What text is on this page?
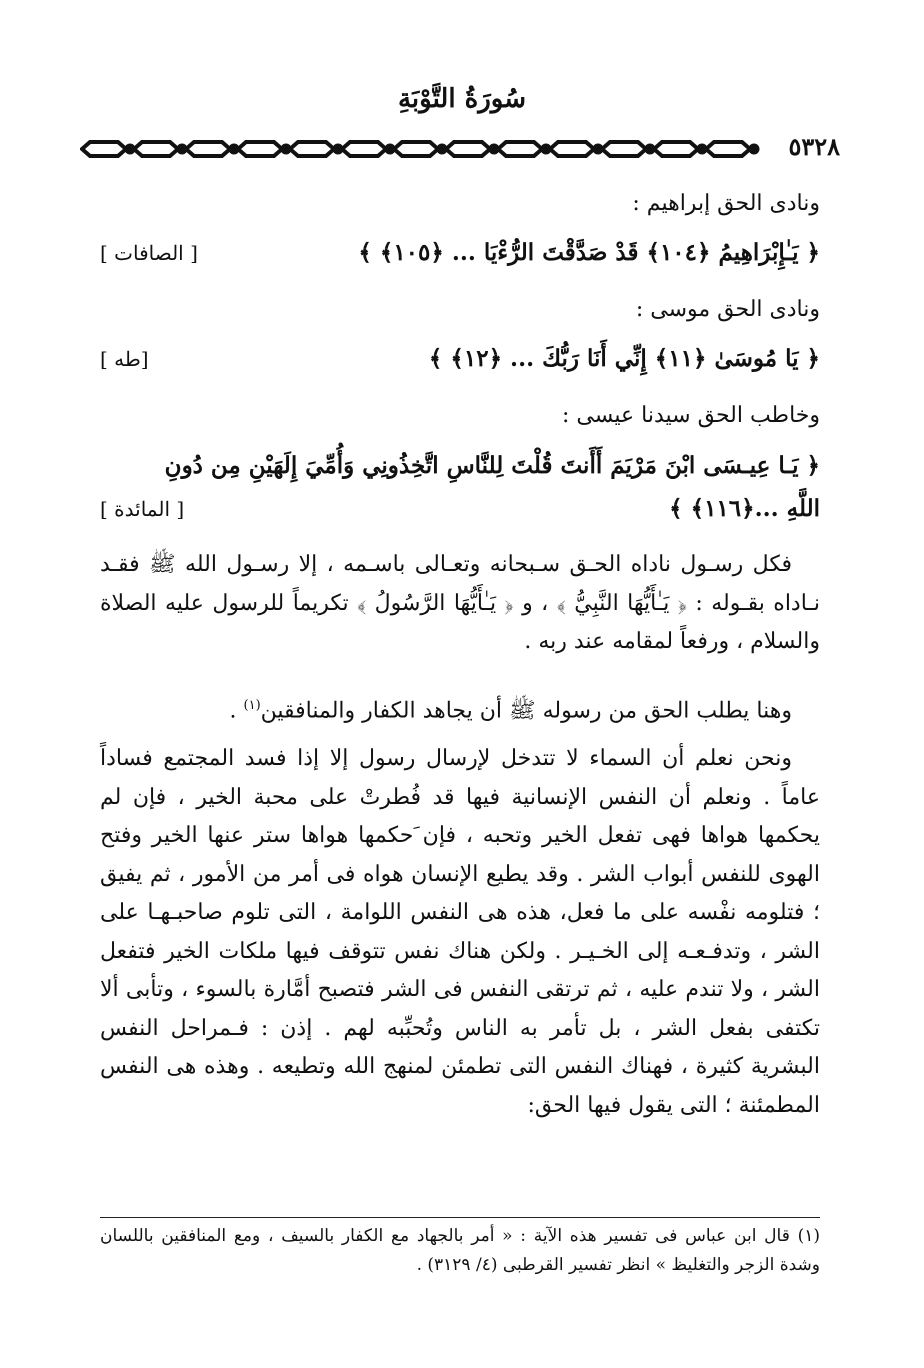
سُورَةُ التَّوْبَةِ
٥٣٢٨
ونادى الحق إبراهيم :
﴿ يَـٰإِبْرَاهِيمُ ﴿١٠٤﴾ قَدْ صَدَّقْتَ الرُّءْيَا ... ﴿١٠٥﴾ ﴾
[ الصافات ]
ونادى الحق موسى :
﴿ يَا مُوسَىٰ ﴿١١﴾ إِنِّي أَنَا رَبُّكَ ... ﴿١٢﴾ ﴾
[طه ]
وخاطب الحق سيدنا عيسى :
﴿ يَـا عِيـسَى ابْنَ مَرْيَمَ أَأَنتَ قُلْتَ لِلنَّاسِ اتَّخِذُونِي وَأُمِّيَ إِلَهَيْنِ مِن دُونِ
اللَّهِ ...﴿١١٦﴾ ﴾
[ المائدة ]
فكل رسـول ناداه الحـق سـبحانه وتعـالى باسـمه ، إلا رسـول الله ﷺ فقـد نـاداه بقـوله : ﴿ يَـٰأَيُّهَا النَّبِيُّ ﴾ ، و ﴿ يَـٰأَيُّهَا الرَّسُولُ ﴾ تكريماً للرسول عليه الصلاة والسلام ، ورفعاً لمقامه عند ربه .
وهنا يطلب الحق من رسوله ﷺ أن يجاهد الكفار والمنافقين$^{(١)}$ .
ونحن نعلم أن السماء لا تتدخل لإرسال رسول إلا إذا فسد المجتمع فساداً عاماً . ونعلم أن النفس الإنسانية فيها قد فُطرتْ على محبة الخير ، فإن لم يحكمها هواها فهى تفعل الخير وتحبه ، فإن َحكمها هواها ستر عنها الخير وفتح الهوى للنفس أبواب الشر . وقد يطيع الإنسان هواه فى أمر من الأمور ، ثم يفيق ؛ فتلومه نفْسه على ما فعل، هذه هى النفس اللوامة ، التى تلوم صاحبـهـا على الشر ، وتدفـعـه إلى الخـيـر . ولكن هناك نفس تتوقف فيها ملكات الخير فتفعل الشر ، ولا تندم عليه ، ثم ترتقى النفس فى الشر فتصبح أمَّارة بالسوء ، وتأبى ألا تكتفى بفعل الشر ، بل تأمر به الناس وتُحبِّبه لهم . إذن : فـمراحل النفس البشرية كثيرة ، فهناك النفس التى تطمئن لمنهج الله وتطيعه . وهذه هى النفس المطمئنة ؛ التى يقول فيها الحق:
(١) قال ابن عباس فى تفسير هذه الآية : « أمر بالجهاد مع الكفار بالسيف ، ومع المنافقين باللسان وشدة الزجر والتغليظ » انظر تفسير القرطبى (٤/ ٣١٢٩) .
